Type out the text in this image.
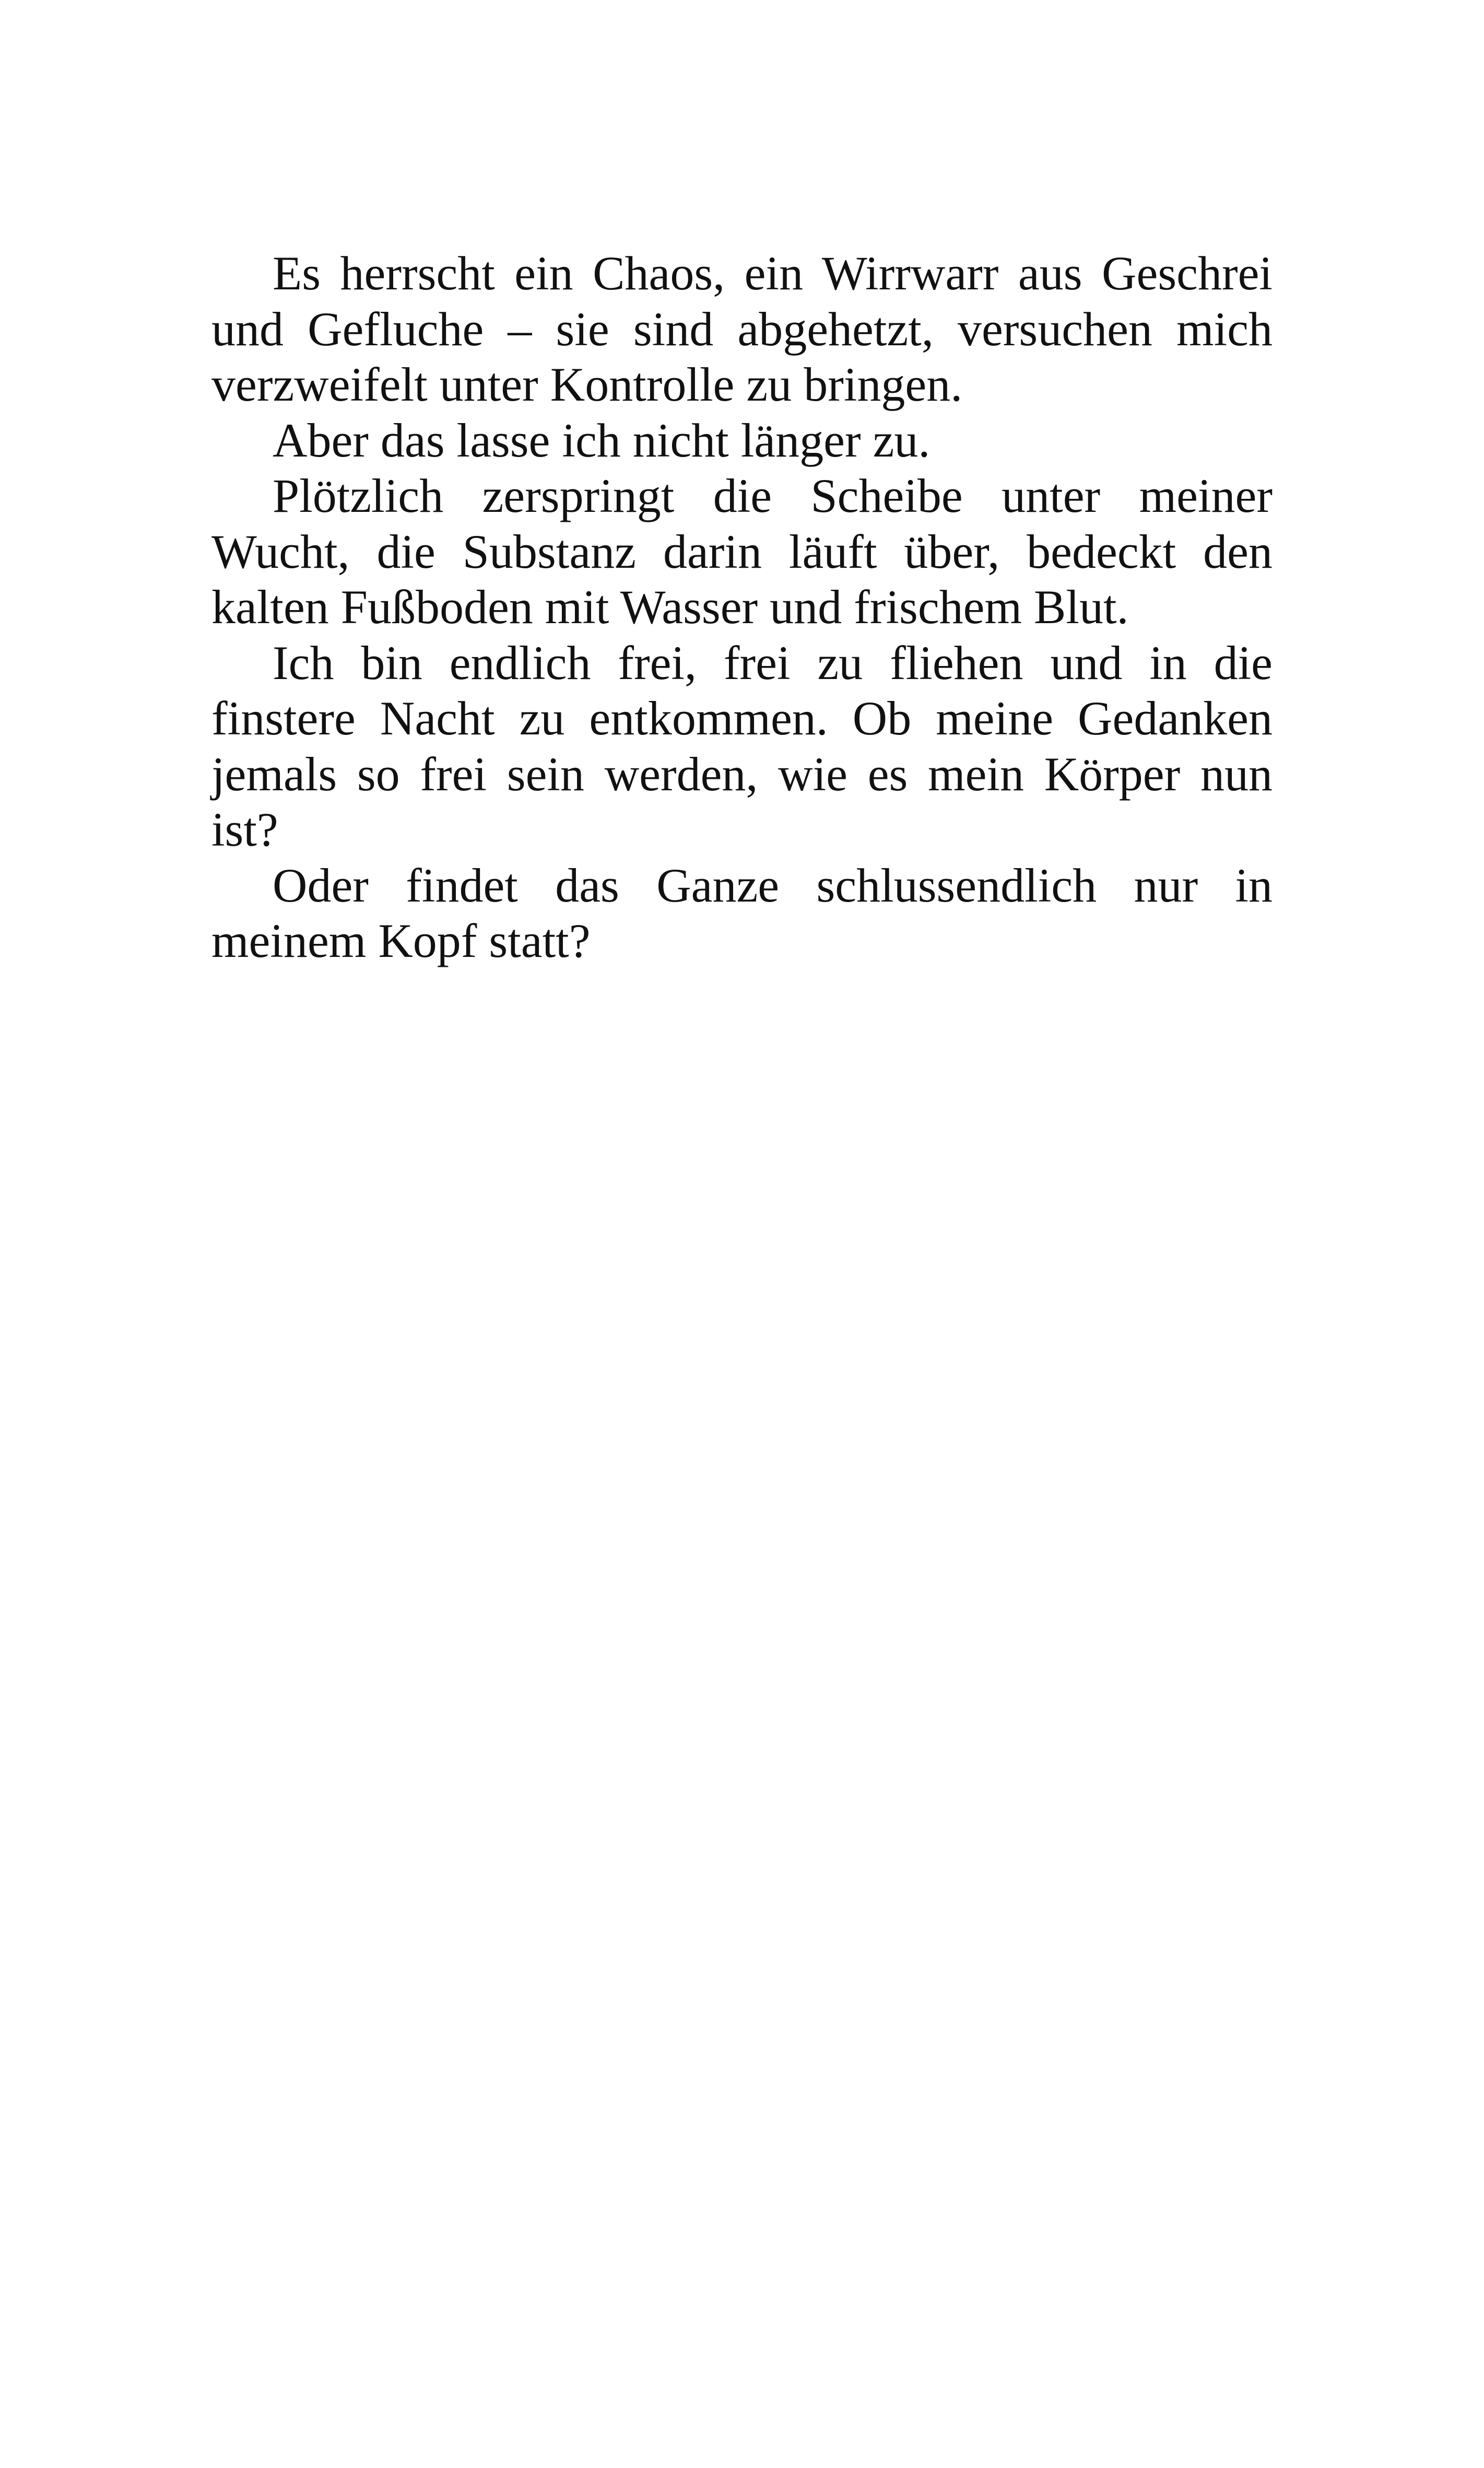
Es herrscht ein Chaos, ein Wirrwarr aus Geschrei und Gefluche – sie sind abgehetzt, versuchen mich verzweifelt unter Kontrolle zu bringen.

Aber das lasse ich nicht länger zu.

Plötzlich zerspringt die Scheibe unter meiner Wucht, die Substanz darin läuft über, bedeckt den kalten Fußboden mit Wasser und frischem Blut.

Ich bin endlich frei, frei zu fliehen und in die finstere Nacht zu entkommen. Ob meine Gedanken jemals so frei sein werden, wie es mein Körper nun ist?

Oder findet das Ganze schlussendlich nur in meinem Kopf statt?
